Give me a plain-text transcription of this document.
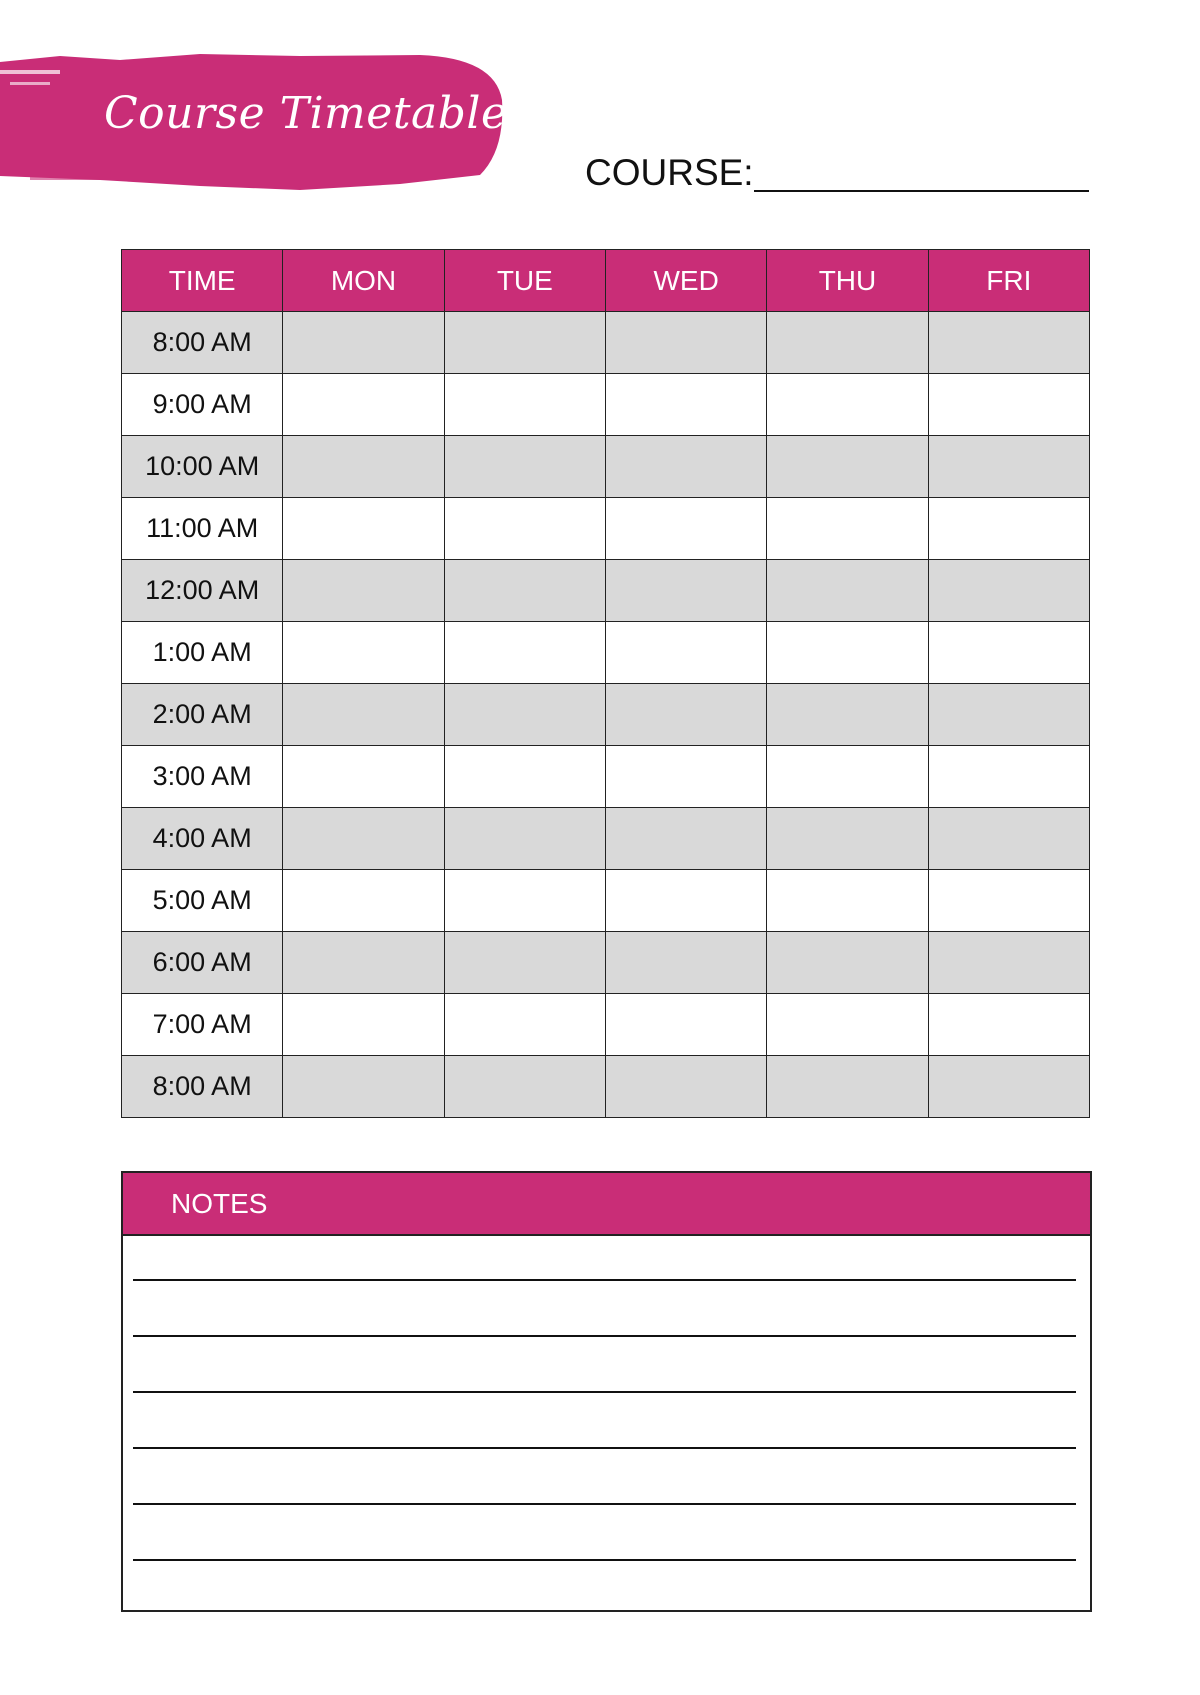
Course Timetable
COURSE:
TIME	MON	TUE	WED	THU	FRI
8:00 AM					
9:00 AM					
10:00 AM					
11:00 AM					
12:00 AM					
1:00 AM					
2:00 AM					
3:00 AM					
4:00 AM					
5:00 AM					
6:00 AM					
7:00 AM					
8:00 AM					
NOTES
